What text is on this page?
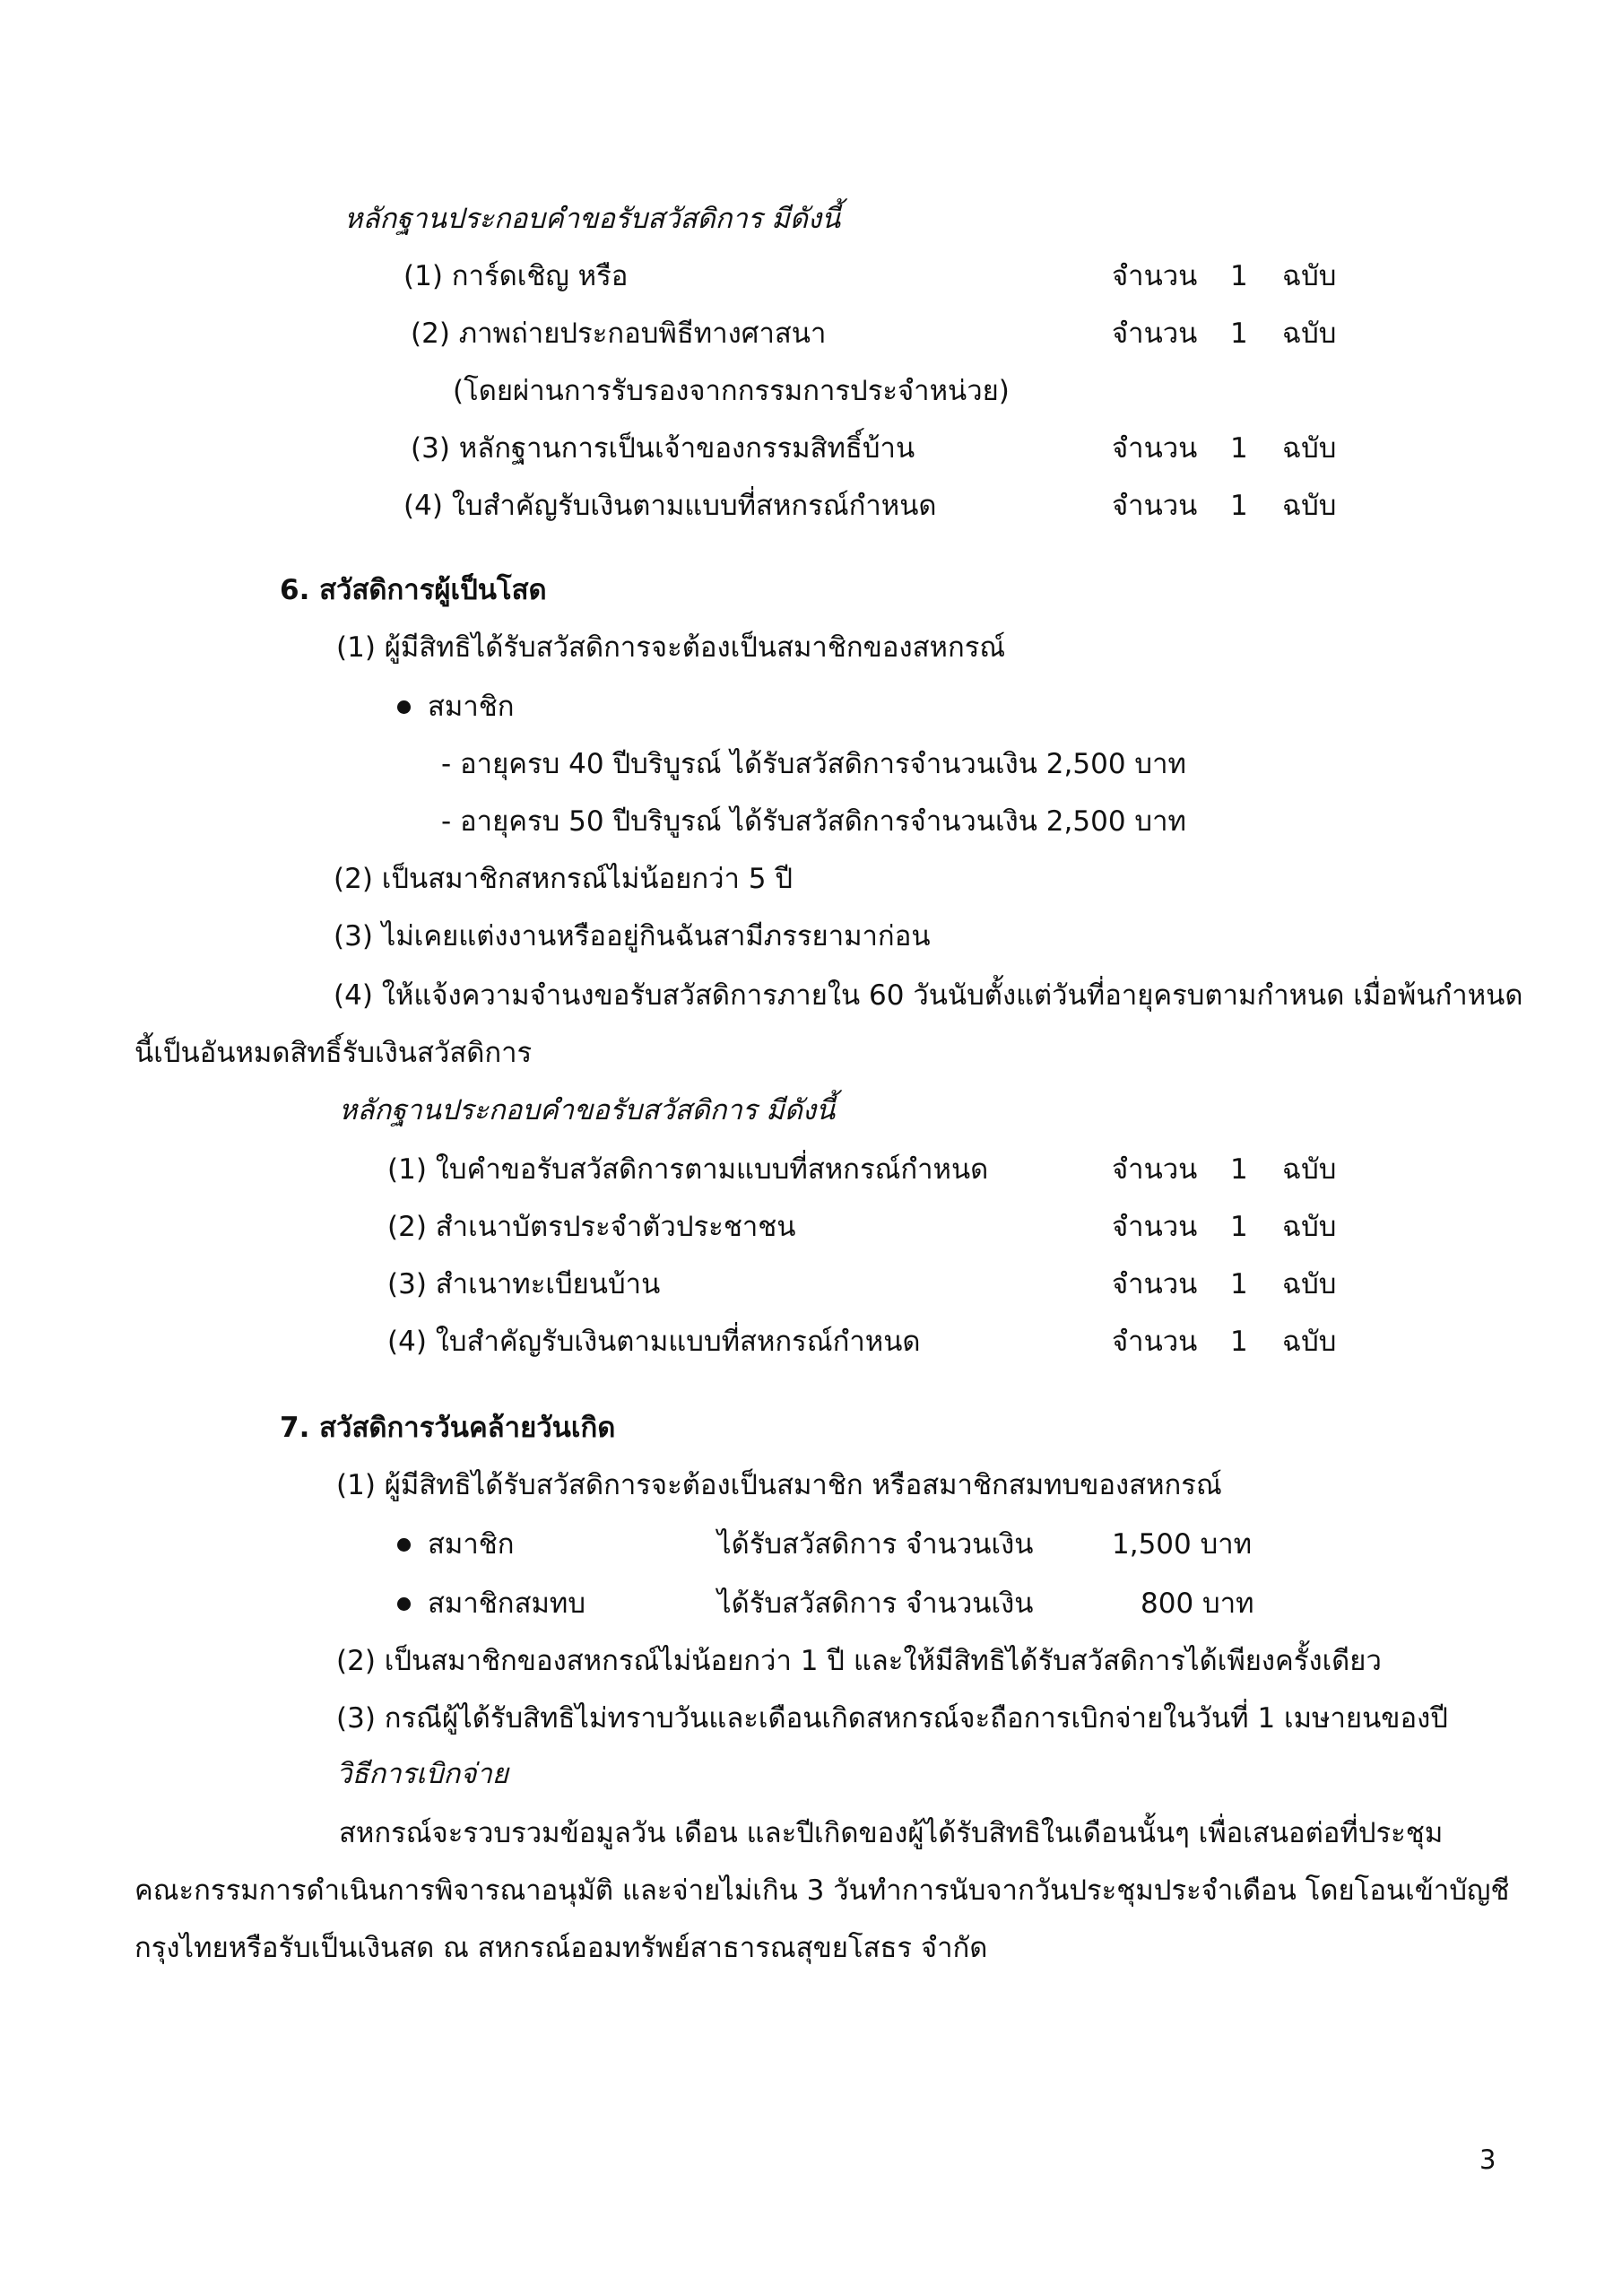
หลักฐานประกอบคำขอรับสวัสดิการ มีดังนี้
(1) การ์ดเชิญ หรือ	จำนวน 1 ฉบับ
(2) ภาพถ่ายประกอบพิธีทางศาสนา	จำนวน 1 ฉบับ
(โดยผ่านการรับรองจากกรรมการประจำหน่วย)
(3) หลักฐานการเป็นเจ้าของกรรมสิทธิ์บ้าน	จำนวน 1 ฉบับ
(4) ใบสำคัญรับเงินตามแบบที่สหกรณ์กำหนด	จำนวน 1 ฉบับ
6. สวัสดิการผู้เป็นโสด
(1) ผู้มีสิทธิได้รับสวัสดิการจะต้องเป็นสมาชิกของสหกรณ์
สมาชิก
- อายุครบ 40 ปีบริบูรณ์ ได้รับสวัสดิการจำนวนเงิน 2,500 บาท
- อายุครบ 50 ปีบริบูรณ์ ได้รับสวัสดิการจำนวนเงิน 2,500 บาท
(2) เป็นสมาชิกสหกรณ์ไม่น้อยกว่า 5 ปี
(3) ไม่เคยแต่งงานหรืออยู่กินฉันสามีภรรยามาก่อน
(4) ให้แจ้งความจำนงขอรับสวัสดิการภายใน 60 วันนับตั้งแต่วันที่อายุครบตามกำหนด เมื่อพ้นกำหนด
นี้เป็นอันหมดสิทธิ์รับเงินสวัสดิการ
หลักฐานประกอบคำขอรับสวัสดิการ มีดังนี้
(1) ใบคำขอรับสวัสดิการตามแบบที่สหกรณ์กำหนด	จำนวน 1 ฉบับ
(2) สำเนาบัตรประจำตัวประชาชน	จำนวน 1 ฉบับ
(3) สำเนาทะเบียนบ้าน	จำนวน 1 ฉบับ
(4) ใบสำคัญรับเงินตามแบบที่สหกรณ์กำหนด	จำนวน 1 ฉบับ
7. สวัสดิการวันคล้ายวันเกิด
(1) ผู้มีสิทธิได้รับสวัสดิการจะต้องเป็นสมาชิก หรือสมาชิกสมทบของสหกรณ์
สมาชิก	ได้รับสวัสดิการ จำนวนเงิน	1,500 บาท
สมาชิกสมทบ	ได้รับสวัสดิการ จำนวนเงิน	800 บาท
(2) เป็นสมาชิกของสหกรณ์ไม่น้อยกว่า 1 ปี และให้มีสิทธิได้รับสวัสดิการได้เพียงครั้งเดียว
(3) กรณีผู้ได้รับสิทธิไม่ทราบวันและเดือนเกิดสหกรณ์จะถือการเบิกจ่ายในวันที่ 1 เมษายนของปี
วิธีการเบิกจ่าย
สหกรณ์จะรวบรวมข้อมูลวัน เดือน และปีเกิดของผู้ได้รับสิทธิในเดือนนั้นๆ เพื่อเสนอต่อที่ประชุม
คณะกรรมการดำเนินการพิจารณาอนุมัติ และจ่ายไม่เกิน 3 วันทำการนับจากวันประชุมประจำเดือน โดยโอนเข้าบัญชี
กรุงไทยหรือรับเป็นเงินสด ณ สหกรณ์ออมทรัพย์สาธารณสุขยโสธร จำกัด
3
